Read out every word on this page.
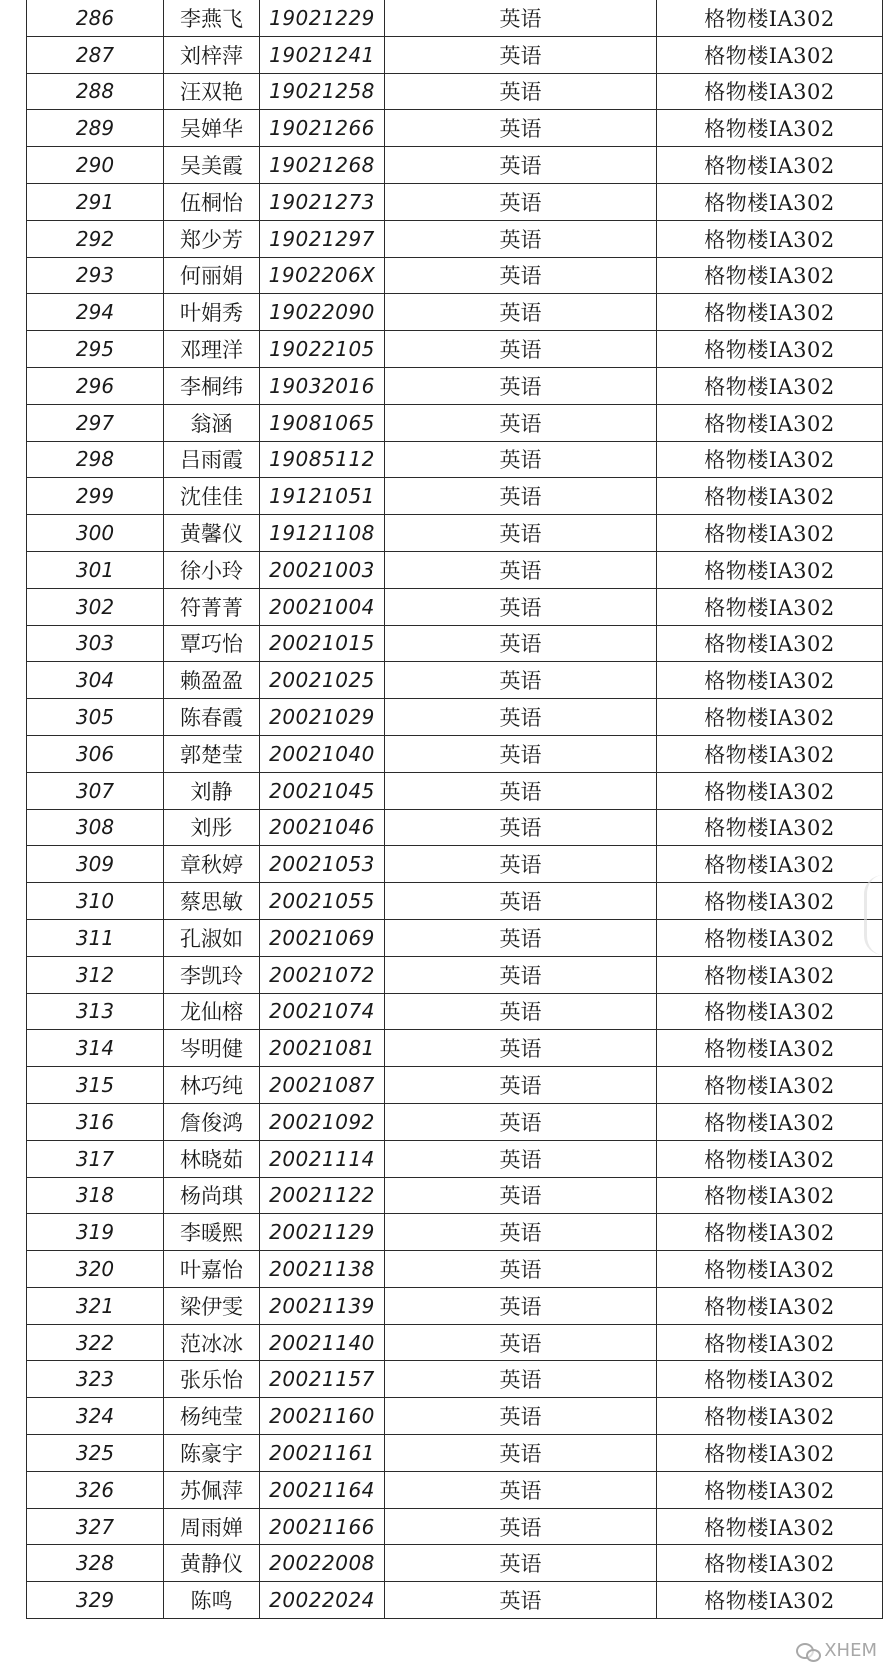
286	李燕飞	19021229	英语	格物楼IA302
287	刘梓萍	19021241	英语	格物楼IA302
288	汪双艳	19021258	英语	格物楼IA302
289	吴婵华	19021266	英语	格物楼IA302
290	吴美霞	19021268	英语	格物楼IA302
291	伍桐怡	19021273	英语	格物楼IA302
292	郑少芳	19021297	英语	格物楼IA302
293	何丽娟	1902206X	英语	格物楼IA302
294	叶娟秀	19022090	英语	格物楼IA302
295	邓理洋	19022105	英语	格物楼IA302
296	李桐纬	19032016	英语	格物楼IA302
297	翁涵	19081065	英语	格物楼IA302
298	吕雨霞	19085112	英语	格物楼IA302
299	沈佳佳	19121051	英语	格物楼IA302
300	黄馨仪	19121108	英语	格物楼IA302
301	徐小玲	20021003	英语	格物楼IA302
302	符菁菁	20021004	英语	格物楼IA302
303	覃巧怡	20021015	英语	格物楼IA302
304	赖盈盈	20021025	英语	格物楼IA302
305	陈春霞	20021029	英语	格物楼IA302
306	郭楚莹	20021040	英语	格物楼IA302
307	刘静	20021045	英语	格物楼IA302
308	刘彤	20021046	英语	格物楼IA302
309	章秋婷	20021053	英语	格物楼IA302
310	蔡思敏	20021055	英语	格物楼IA302
311	孔淑如	20021069	英语	格物楼IA302
312	李凯玲	20021072	英语	格物楼IA302
313	龙仙榕	20021074	英语	格物楼IA302
314	岑明健	20021081	英语	格物楼IA302
315	林巧纯	20021087	英语	格物楼IA302
316	詹俊鸿	20021092	英语	格物楼IA302
317	林晓茹	20021114	英语	格物楼IA302
318	杨尚琪	20021122	英语	格物楼IA302
319	李暖熙	20021129	英语	格物楼IA302
320	叶嘉怡	20021138	英语	格物楼IA302
321	梁伊雯	20021139	英语	格物楼IA302
322	范冰冰	20021140	英语	格物楼IA302
323	张乐怡	20021157	英语	格物楼IA302
324	杨纯莹	20021160	英语	格物楼IA302
325	陈豪宇	20021161	英语	格物楼IA302
326	苏佩萍	20021164	英语	格物楼IA302
327	周雨婵	20021166	英语	格物楼IA302
328	黄静仪	20022008	英语	格物楼IA302
329	陈鸣	20022024	英语	格物楼IA302
XHEM
